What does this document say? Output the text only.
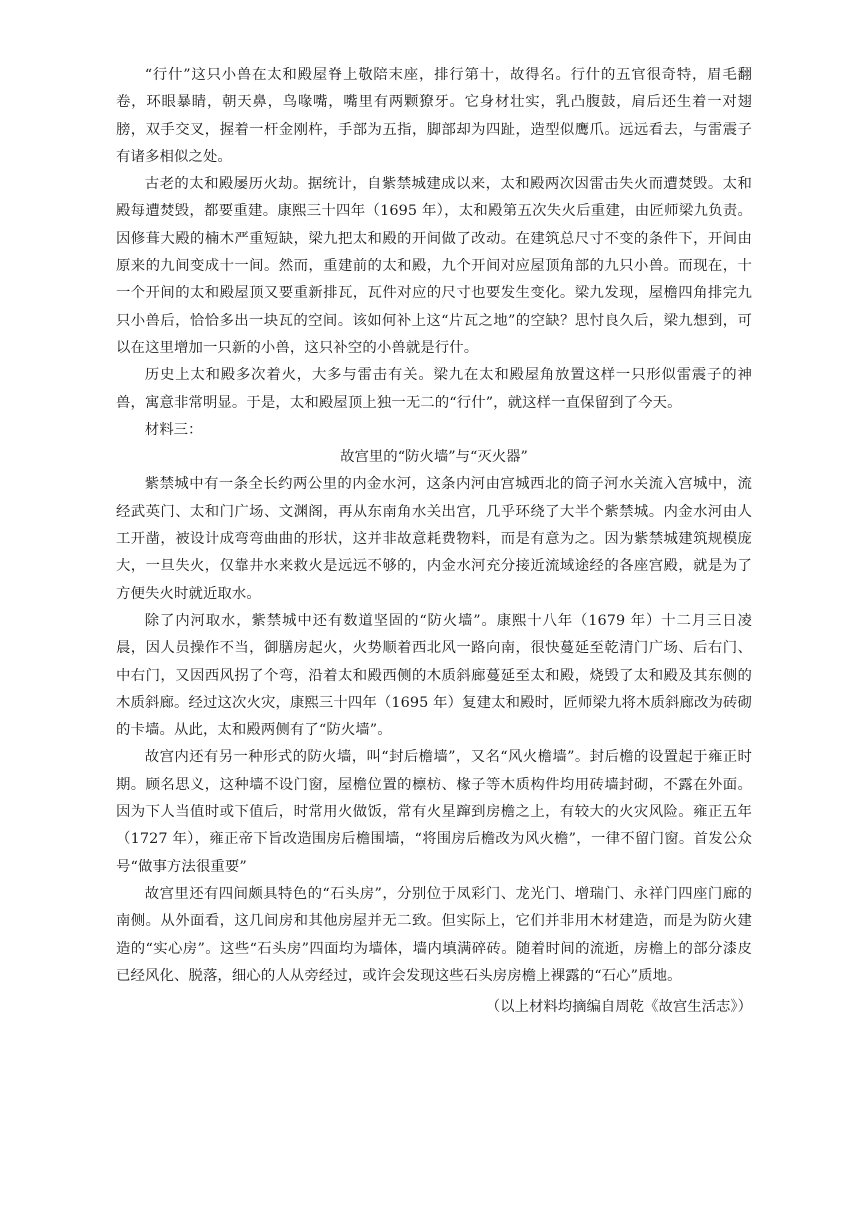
“行什”这只小兽在太和殿屋脊上敬陪末座，排行第十，故得名。行什的五官很奇特，眉毛翻卷，环眼暴睛，朝天鼻，鸟喙嘴，嘴里有两颗獠牙。它身材壮实，乳凸腹鼓，肩后还生着一对翅膀，双手交叉，握着一杆金刚杵，手部为五指，脚部却为四趾，造型似鹰爪。远远看去，与雷震子有诸多相似之处。

古老的太和殿屡历火劫。据统计，自紫禁城建成以来，太和殿两次因雷击失火而遭焚毁。太和殿每遭焚毁，都要重建。康熙三十四年（1695 年），太和殿第五次失火后重建，由匠师梁九负责。因修葺大殿的楠木严重短缺，梁九把太和殿的开间做了改动。在建筑总尺寸不变的条件下，开间由原来的九间变成十一间。然而，重建前的太和殿，九个开间对应屋顶角部的九只小兽。而现在，十一个开间的太和殿屋顶又要重新排瓦，瓦件对应的尺寸也要发生变化。梁九发现，屋檐四角排完九只小兽后，恰恰多出一块瓦的空间。该如何补上这“片瓦之地”的空缺？思忖良久后，梁九想到，可以在这里增加一只新的小兽，这只补空的小兽就是行什。

历史上太和殿多次着火，大多与雷击有关。梁九在太和殿屋角放置这样一只形似雷震子的神兽，寓意非常明显。于是，太和殿屋顶上独一无二的“行什”，就这样一直保留到了今天。

材料三：

故宫里的“防火墙”与“灭火器”

紫禁城中有一条全长约两公里的内金水河，这条内河由宫城西北的筒子河水关流入宫城中，流经武英门、太和门广场、文渊阁，再从东南角水关出宫，几乎环绕了大半个紫禁城。内金水河由人工开凿，被设计成弯弯曲曲的形状，这并非故意耗费物料，而是有意为之。因为紫禁城建筑规模庞大，一旦失火，仅靠井水来救火是远远不够的，内金水河充分接近流域途经的各座宫殿，就是为了方便失火时就近取水。

除了内河取水，紫禁城中还有数道坚固的“防火墙”。康熙十八年（1679 年）十二月三日凌晨，因人员操作不当，御膳房起火，火势顺着西北风一路向南，很快蔓延至乾清门广场、后右门、中右门，又因西风拐了个弯，沿着太和殿西侧的木质斜廊蔓延至太和殿，烧毁了太和殿及其东侧的木质斜廊。经过这次火灾，康熙三十四年（1695 年）复建太和殿时，匠师梁九将木质斜廊改为砖砌的卡墙。从此，太和殿两侧有了“防火墙”。

故宫内还有另一种形式的防火墙，叫“封后檐墙”，又名“风火檐墙”。封后檐的设置起于雍正时期。顾名思义，这种墙不设门窗，屋檐位置的檩枋、椽子等木质构件均用砖墙封砌，不露在外面。因为下人当值时或下值后，时常用火做饭，常有火星蹿到房檐之上，有较大的火灾风险。雍正五年（1727 年），雍正帝下旨改造围房后檐围墙，“将围房后檐改为风火檐”，一律不留门窗。首发公众号“做事方法很重要”

故宫里还有四间颇具特色的“石头房”，分别位于凤彩门、龙光门、增瑞门、永祥门四座门廊的南侧。从外面看，这几间房和其他房屋并无二致。但实际上，它们并非用木材建造，而是为防火建造的“实心房”。这些“石头房”四面均为墙体，墙内填满碎砖。随着时间的流逝，房檐上的部分漆皮已经风化、脱落，细心的人从旁经过，或许会发现这些石头房房檐上裸露的“石心”质地。

（以上材料均摘编自周乾《故宫生活志》）
